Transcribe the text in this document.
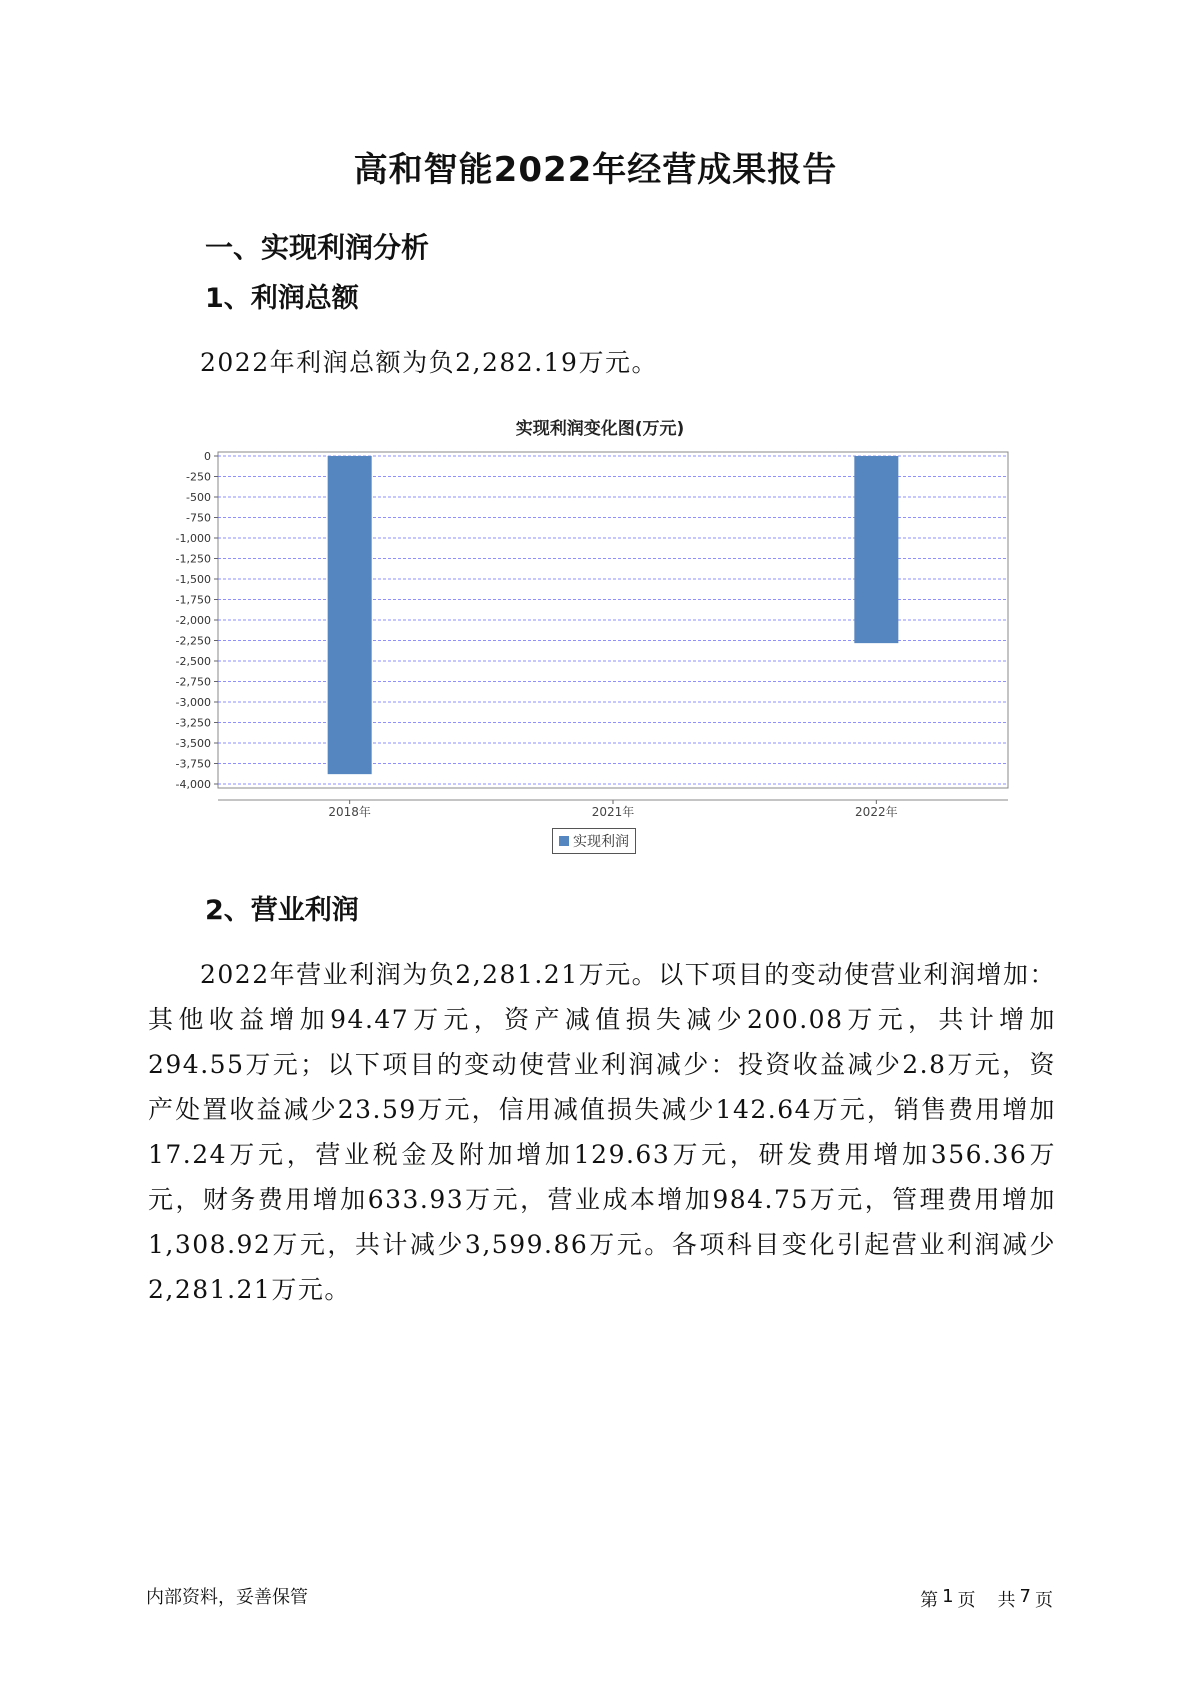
高和智能2022年经营成果报告
一、实现利润分析
1、利润总额
2022年利润总额为负2,282.19万元。
实现利润变化图(万元)
0
-250
-500
-750
-1,000
-1,250
-1,500
-1,750
-2,000
-2,250
-2,500
-2,750
-3,000
-3,250
-3,500
-3,750
-4,000
2018年	2021年	2022年
实现利润
2、营业利润
2022年营业利润为负2,281.21万元。以下项目的变动使营业利润增加：其他收益增加94.47万元，资产减值损失减少200.08万元，共计增加294.55万元；以下项目的变动使营业利润减少：投资收益减少2.8万元，资产处置收益减少23.59万元，信用减值损失减少142.64万元，销售费用增加17.24万元，营业税金及附加增加129.63万元，研发费用增加356.36万元，财务费用增加633.93万元，营业成本增加984.75万元，管理费用增加1,308.92万元，共计减少3,599.86万元。各项科目变化引起营业利润减少2,281.21万元。
内部资料，妥善保管	第 1 页 共 7 页
